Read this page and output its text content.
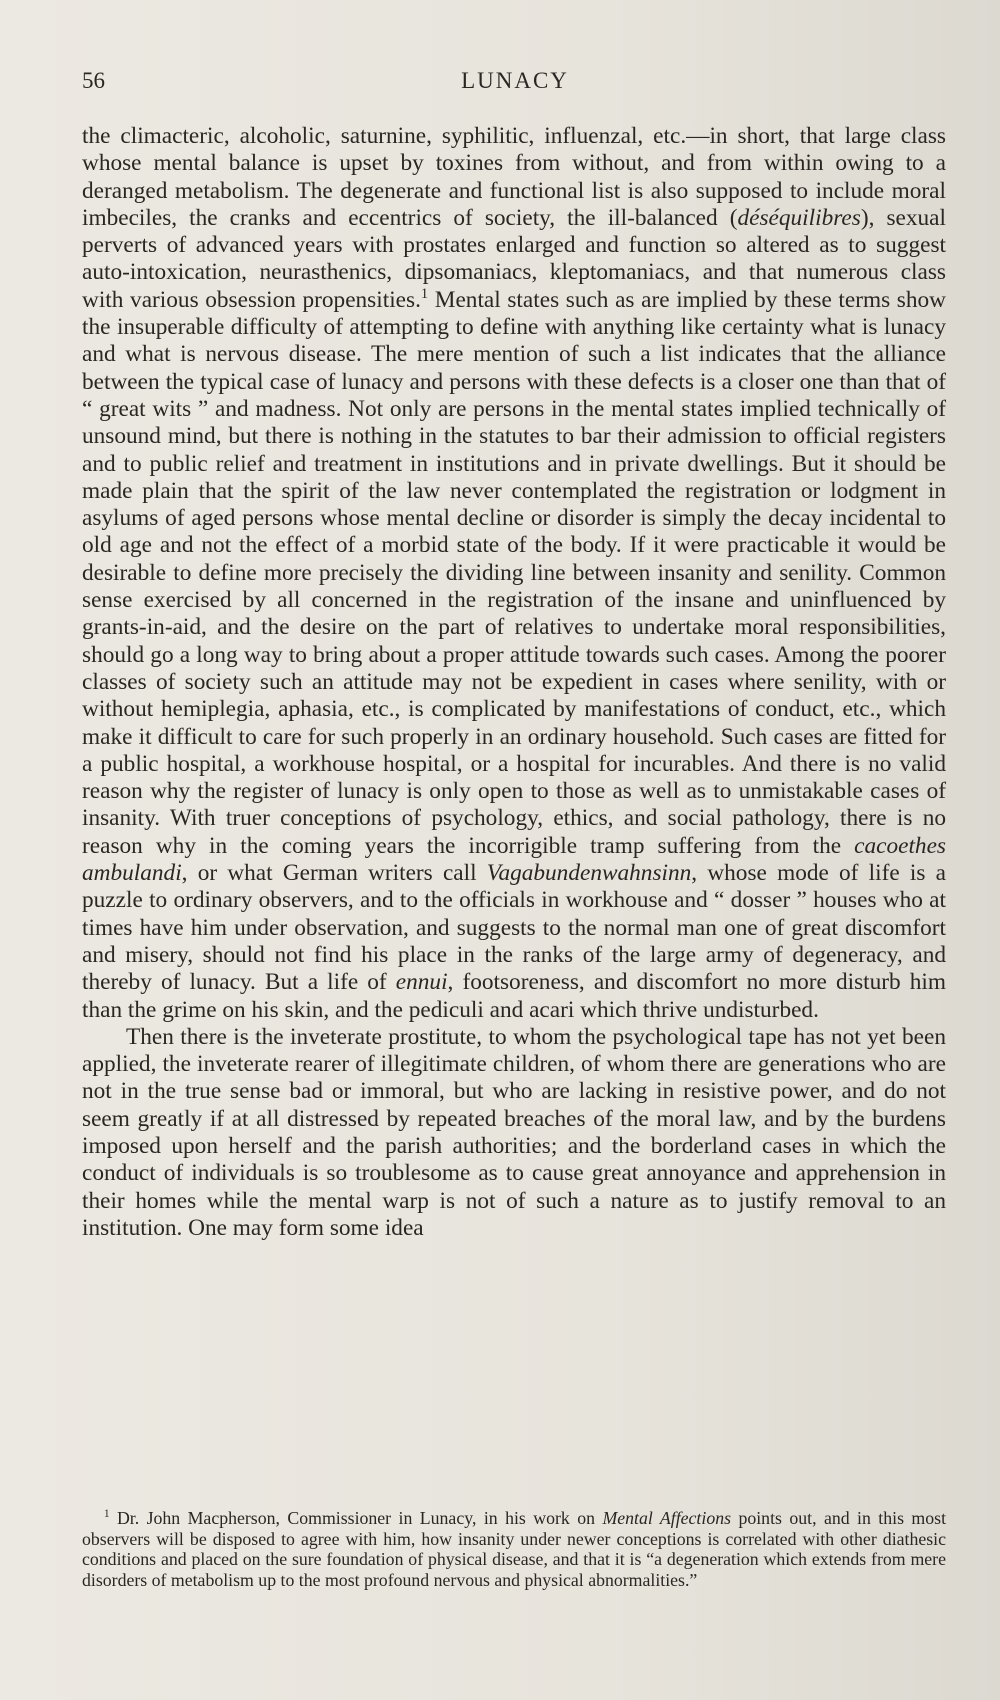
56	LUNACY

the climacteric, alcoholic, saturnine, syphilitic, influenzal, etc.—in short, that large class whose mental balance is upset by toxines from without, and from within owing to a deranged metabolism. The degenerate and functional list is also supposed to include moral imbeciles, the cranks and eccentrics of society, the ill-balanced (déséquilibres), sexual perverts of advanced years with prostates enlarged and function so altered as to suggest auto-intoxication, neurasthenics, dipsomaniacs, kleptomaniacs, and that numerous class with various obsession propensities.$^1$ Mental states such as are implied by these terms show the insuperable difficulty of attempting to define with anything like certainty what is lunacy and what is nervous disease. The mere mention of such a list indicates that the alliance between the typical case of lunacy and persons with these defects is a closer one than that of “ great wits ” and madness. Not only are persons in the mental states implied technically of unsound mind, but there is nothing in the statutes to bar their admission to official registers and to public relief and treatment in institutions and in private dwellings. But it should be made plain that the spirit of the law never contemplated the registration or lodgment in asylums of aged persons whose mental decline or disorder is simply the decay incidental to old age and not the effect of a morbid state of the body. If it were practicable it would be desirable to define more precisely the dividing line between insanity and senility. Common sense exercised by all concerned in the registration of the insane and uninfluenced by grants-in-aid, and the desire on the part of relatives to undertake moral responsibilities, should go a long way to bring about a proper attitude towards such cases. Among the poorer classes of society such an attitude may not be expedient in cases where senility, with or without hemiplegia, aphasia, etc., is complicated by manifestations of conduct, etc., which make it difficult to care for such properly in an ordinary household. Such cases are fitted for a public hospital, a workhouse hospital, or a hospital for incurables. And there is no valid reason why the register of lunacy is only open to those as well as to unmistakable cases of insanity. With truer conceptions of psychology, ethics, and social pathology, there is no reason why in the coming years the incorrigible tramp suffering from the cacoethes ambulandi, or what German writers call Vagabundenwahnsinn, whose mode of life is a puzzle to ordinary observers, and to the officials in workhouse and “ dosser ” houses who at times have him under observation, and suggests to the normal man one of great discomfort and misery, should not find his place in the ranks of the large army of degeneracy, and thereby of lunacy. But a life of ennui, footsoreness, and discomfort no more disturb him than the grime on his skin, and the pediculi and acari which thrive undisturbed.

Then there is the inveterate prostitute, to whom the psychological tape has not yet been applied, the inveterate rearer of illegitimate children, of whom there are generations who are not in the true sense bad or immoral, but who are lacking in resistive power, and do not seem greatly if at all distressed by repeated breaches of the moral law, and by the burdens imposed upon herself and the parish authorities; and the borderland cases in which the conduct of individuals is so troublesome as to cause great annoyance and apprehension in their homes while the mental warp is not of such a nature as to justify removal to an institution. One may form some idea

$^1$ Dr. John Macpherson, Commissioner in Lunacy, in his work on Mental Affections points out, and in this most observers will be disposed to agree with him, how insanity under newer conceptions is correlated with other diathesic conditions and placed on the sure foundation of physical disease, and that it is “a degeneration which extends from mere disorders of metabolism up to the most profound nervous and physical abnormalities.”
